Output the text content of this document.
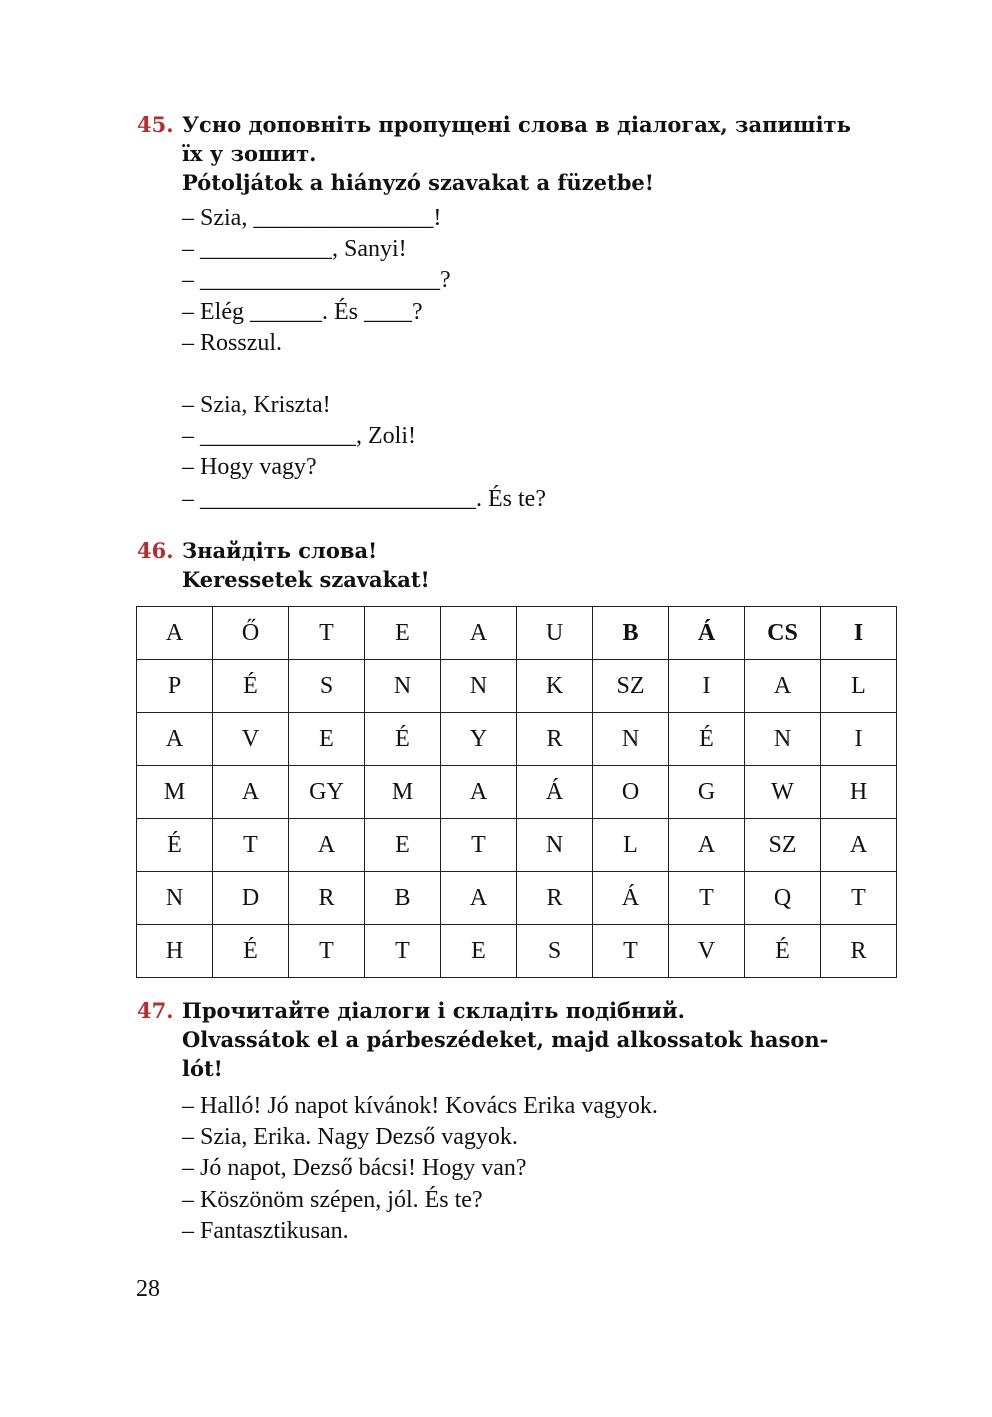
45. Усно доповніть пропущені слова в діалогах, запишіть
їх у зошит.
Pótoljátok a hiányzó szavakat a füzetbe!
– Szia, _______________!
– ___________, Sanyi!
– ____________________?
– Elég ______. És ____?
– Rosszul.
– Szia, Kriszta!
– _____________, Zoli!
– Hogy vagy?
– _______________________. És te?
46. Знайдіть слова!
Keressetek szavakat!
A	Ő	T	E	A	U	B	Á	CS	I
P	É	S	N	N	K	SZ	I	A	L
A	V	E	É	Y	R	N	É	N	I
M	A	GY	M	A	Á	O	G	W	H
É	T	A	E	T	N	L	A	SZ	A
N	D	R	B	A	R	Á	T	Q	T
H	É	T	T	E	S	T	V	É	R
47. Прочитайте діалоги і складіть подібний.
Olvassátok el a párbeszédeket, majd alkossatok hason-
lót!
– Halló! Jó napot kívánok! Kovács Erika vagyok.
– Szia, Erika. Nagy Dezső vagyok.
– Jó napot, Dezső bácsi! Hogy van?
– Köszönöm szépen, jól. És te?
– Fantasztikusan.
28
